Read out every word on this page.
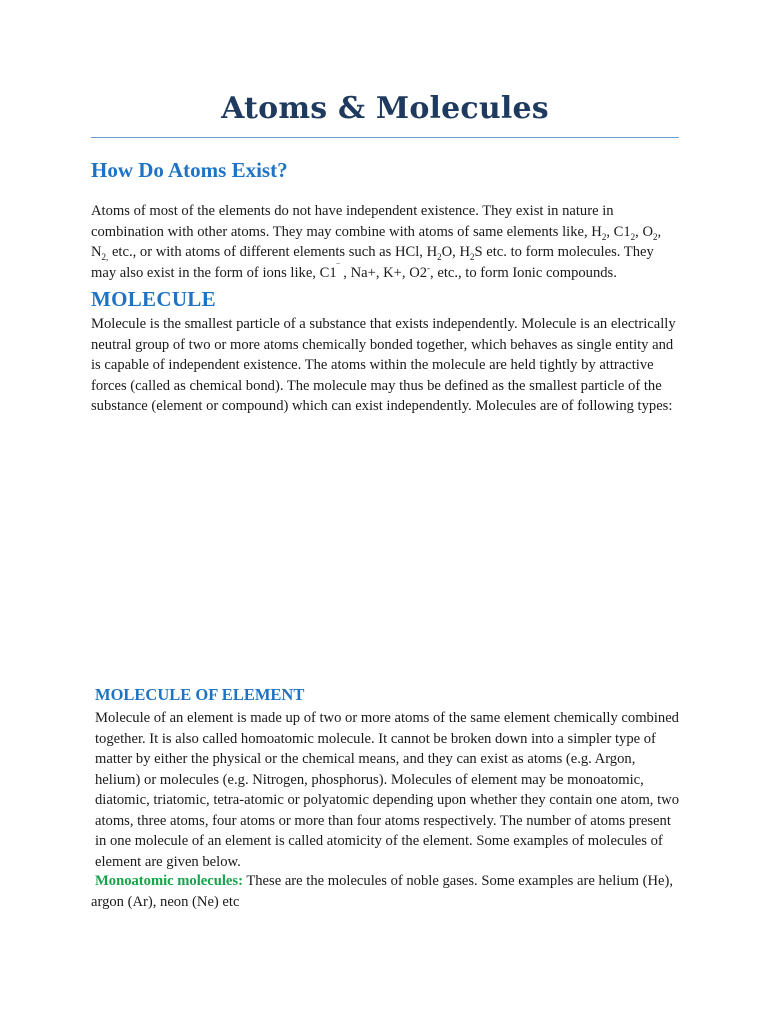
Atoms & Molecules
How Do Atoms Exist?

Atoms of most of the elements do not have independent existence. They exist in nature in combination with other atoms. They may combine with atoms of same elements like, $H_2$, $C1_2$, $O_2$, $N_{2,}$ etc., or with atoms of different elements such as HCl, $H_2O$, $H_2S$ etc. to form molecules. They may also exist in the form of ions like, C1‾ , Na+, K+, O2-, etc., to form Ionic compounds.

MOLECULE

Molecule is the smallest particle of a substance that exists independently. Molecule is an electrically neutral group of two or more atoms chemically bonded together, which behaves as single entity and is capable of independent existence. The atoms within the molecule are held tightly by attractive forces (called as chemical bond). The molecule may thus be defined as the smallest particle of the substance (element or compound) which can exist independently. Molecules are of following types:

MOLECULE OF ELEMENT

Molecule of an element is made up of two or more atoms of the same element chemically combined together. It is also called homoatomic molecule. It cannot be broken down into a simpler type of matter by either the physical or the chemical means, and they can exist as atoms (e.g. Argon, helium) or molecules (e.g. Nitrogen, phosphorus). Molecules of element may be monoatomic, diatomic, triatomic, tetra-atomic or polyatomic depending upon whether they contain one atom, two atoms, three atoms, four atoms or more than four atoms respectively. The number of atoms present in one molecule of an element is called atomicity of the element. Some examples of molecules of element are given below.

Monoatomic molecules: These are the molecules of noble gases. Some examples are helium (He), argon (Ar), neon (Ne) etc
